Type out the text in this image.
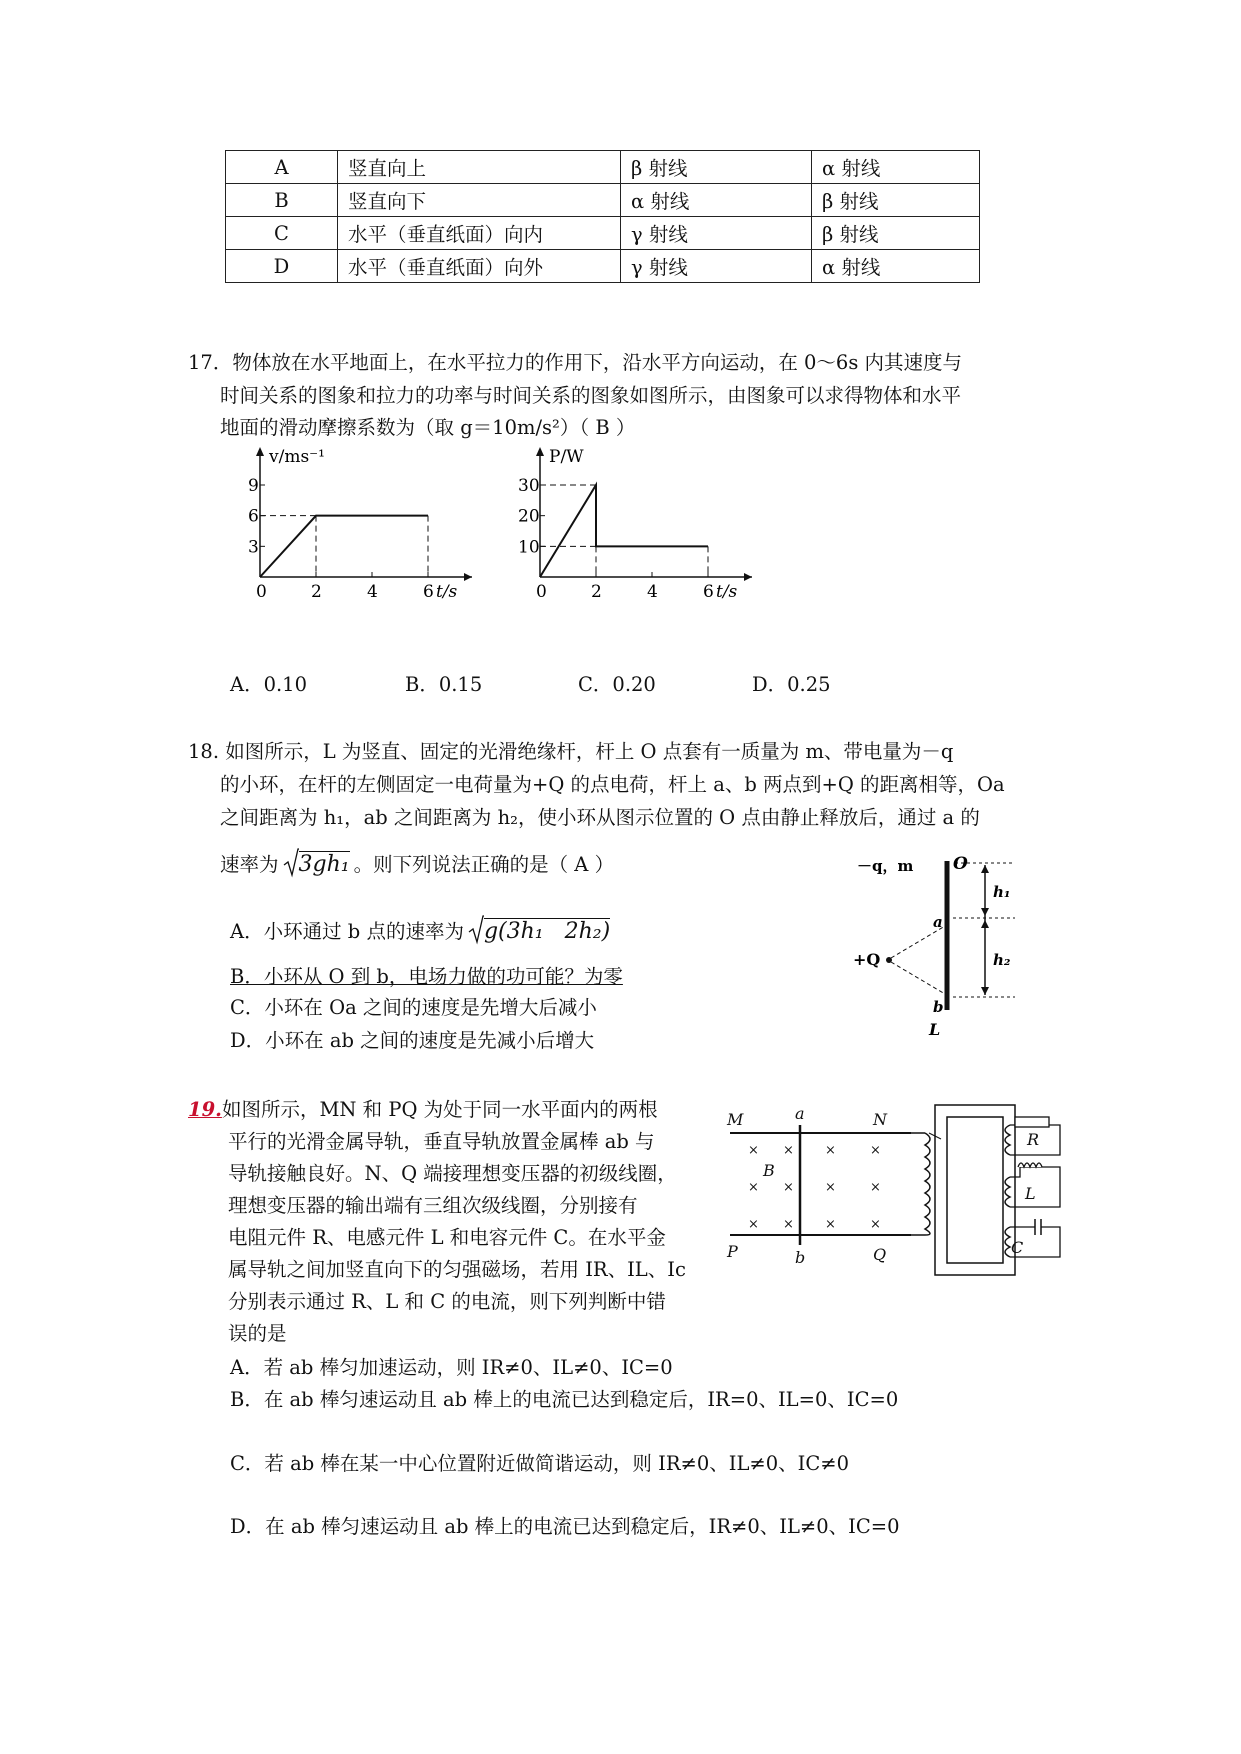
A	竖直向上	β 射线	α 射线
B	竖直向下	α 射线	β 射线
C	水平（垂直纸面）向内	γ 射线	β 射线
D	水平（垂直纸面）向外	γ 射线	α 射线
17．物体放在水平地面上，在水平拉力的作用下，沿水平方向运动，在 0～6s 内其速度与
时间关系的图象和拉力的功率与时间关系的图象如图所示，由图象可以求得物体和水平
地面的滑动摩擦系数为（取 g＝10m/s²）（ B ）
0	2	4	6
3
6
9
t/s
v/ms⁻¹
0	2	4	6
10
20
30
t/s
P/W
A．0.10	B．0.15	C．0.20	D．0.25
18. 如图所示，L 为竖直、固定的光滑绝缘杆，杆上 O 点套有一质量为 m、带电量为－q
的小环，在杆的左侧固定一电荷量为+Q 的点电荷，杆上 a、b 两点到+Q 的距离相等，Oa
之间距离为 h₁，ab 之间距离为 h₂，使小环从图示位置的 O 点由静止释放后，通过 a 的
速率为 3gh₁ 。则下列说法正确的是（ A ）
A．小环通过 b 点的速率为 g(3h₁   2h₂)
B．小环从 O 到 b，电场力做的功可能？为零
C．小环在 Oa 之间的速度是先增大后减小
D．小环在 ab 之间的速度是先减小后增大
－q，m O
a
b
L
+Q
h₁
h₂
19.如图所示，MN 和 PQ 为处于同一水平面内的两根
平行的光滑金属导轨，垂直导轨放置金属棒 ab 与
导轨接触良好。N、Q 端接理想变压器的初级线圈，
理想变压器的输出端有三组次级线圈，分别接有
电阻元件 R、电感元件 L 和电容元件 C。在水平金
属导轨之间加竖直向下的匀强磁场，若用 IR、IL、Ic
分别表示通过 R、L 和 C 的电流，则下列判断中错
误的是
A．若 ab 棒匀加速运动，则 IR≠0、IL≠0、IC=0
B．在 ab 棒匀速运动且 ab 棒上的电流已达到稳定后，IR=0、IL=0、IC=0
C．若 ab 棒在某一中心位置附近做简谐运动，则 IR≠0、IL≠0、IC≠0
D．在 ab 棒匀速运动且 ab 棒上的电流已达到稳定后，IR≠0、IL≠0、IC=0
× × ×	×
× × ×	×
× × ×	×
M	a	N
B
P	b	Q
R
L
C
